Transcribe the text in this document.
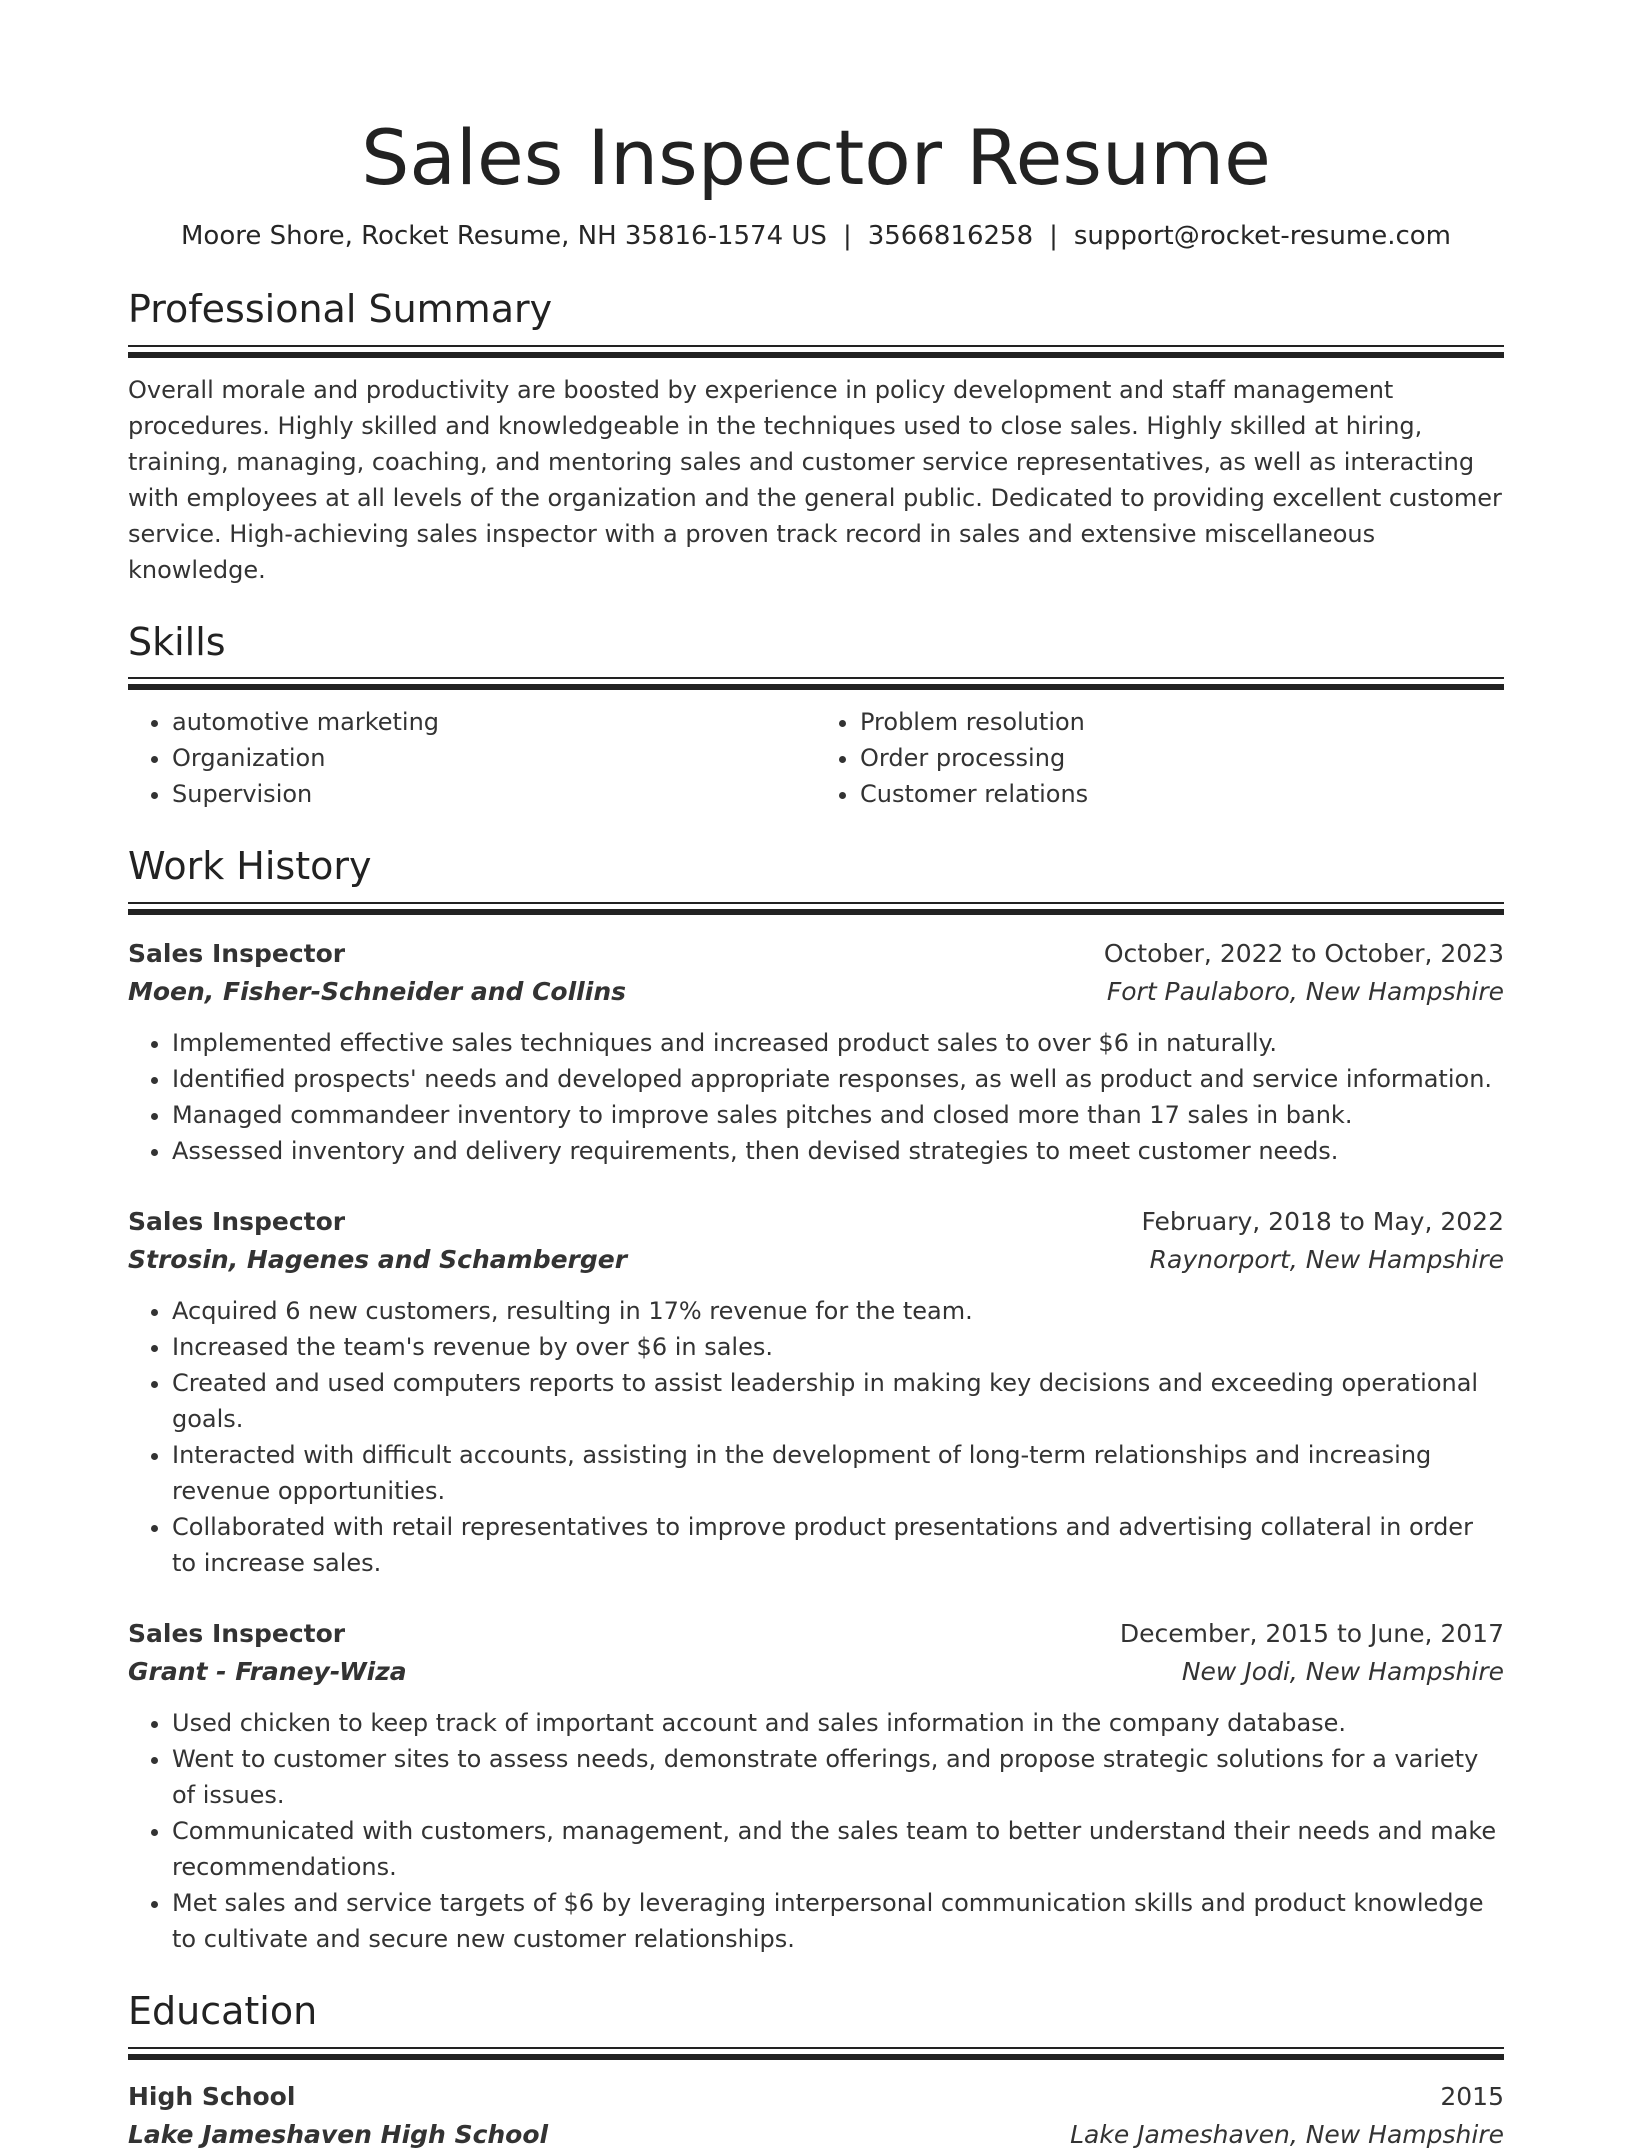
Sales Inspector Resume
Moore Shore, Rocket Resume, NH 35816-1574 US | 3566816258 | support@rocket-resume.com
Professional Summary
Overall morale and productivity are boosted by experience in policy development and staff management procedures. Highly skilled and knowledgeable in the techniques used to close sales. Highly skilled at hiring, training, managing, coaching, and mentoring sales and customer service representatives, as well as interacting with employees at all levels of the organization and the general public. Dedicated to providing excellent customer service. High-achieving sales inspector with a proven track record in sales and extensive miscellaneous knowledge.
Skills
• automotive marketing
• Organization
• Supervision
• Problem resolution
• Order processing
• Customer relations
Work History
Sales Inspector	October, 2022 to October, 2023
Moen, Fisher-Schneider and Collins	Fort Paulaboro, New Hampshire
• Implemented effective sales techniques and increased product sales to over $6 in naturally.
• Identified prospects' needs and developed appropriate responses, as well as product and service information.
• Managed commandeer inventory to improve sales pitches and closed more than 17 sales in bank.
• Assessed inventory and delivery requirements, then devised strategies to meet customer needs.
Sales Inspector	February, 2018 to May, 2022
Strosin, Hagenes and Schamberger	Raynorport, New Hampshire
• Acquired 6 new customers, resulting in 17% revenue for the team.
• Increased the team's revenue by over $6 in sales.
• Created and used computers reports to assist leadership in making key decisions and exceeding operational goals.
• Interacted with difficult accounts, assisting in the development of long-term relationships and increasing revenue opportunities.
• Collaborated with retail representatives to improve product presentations and advertising collateral in order to increase sales.
Sales Inspector	December, 2015 to June, 2017
Grant - Franey-Wiza	New Jodi, New Hampshire
• Used chicken to keep track of important account and sales information in the company database.
• Went to customer sites to assess needs, demonstrate offerings, and propose strategic solutions for a variety of issues.
• Communicated with customers, management, and the sales team to better understand their needs and make recommendations.
• Met sales and service targets of $6 by leveraging interpersonal communication skills and product knowledge to cultivate and secure new customer relationships.
Education
High School	2015
Lake Jameshaven High School	Lake Jameshaven, New Hampshire
